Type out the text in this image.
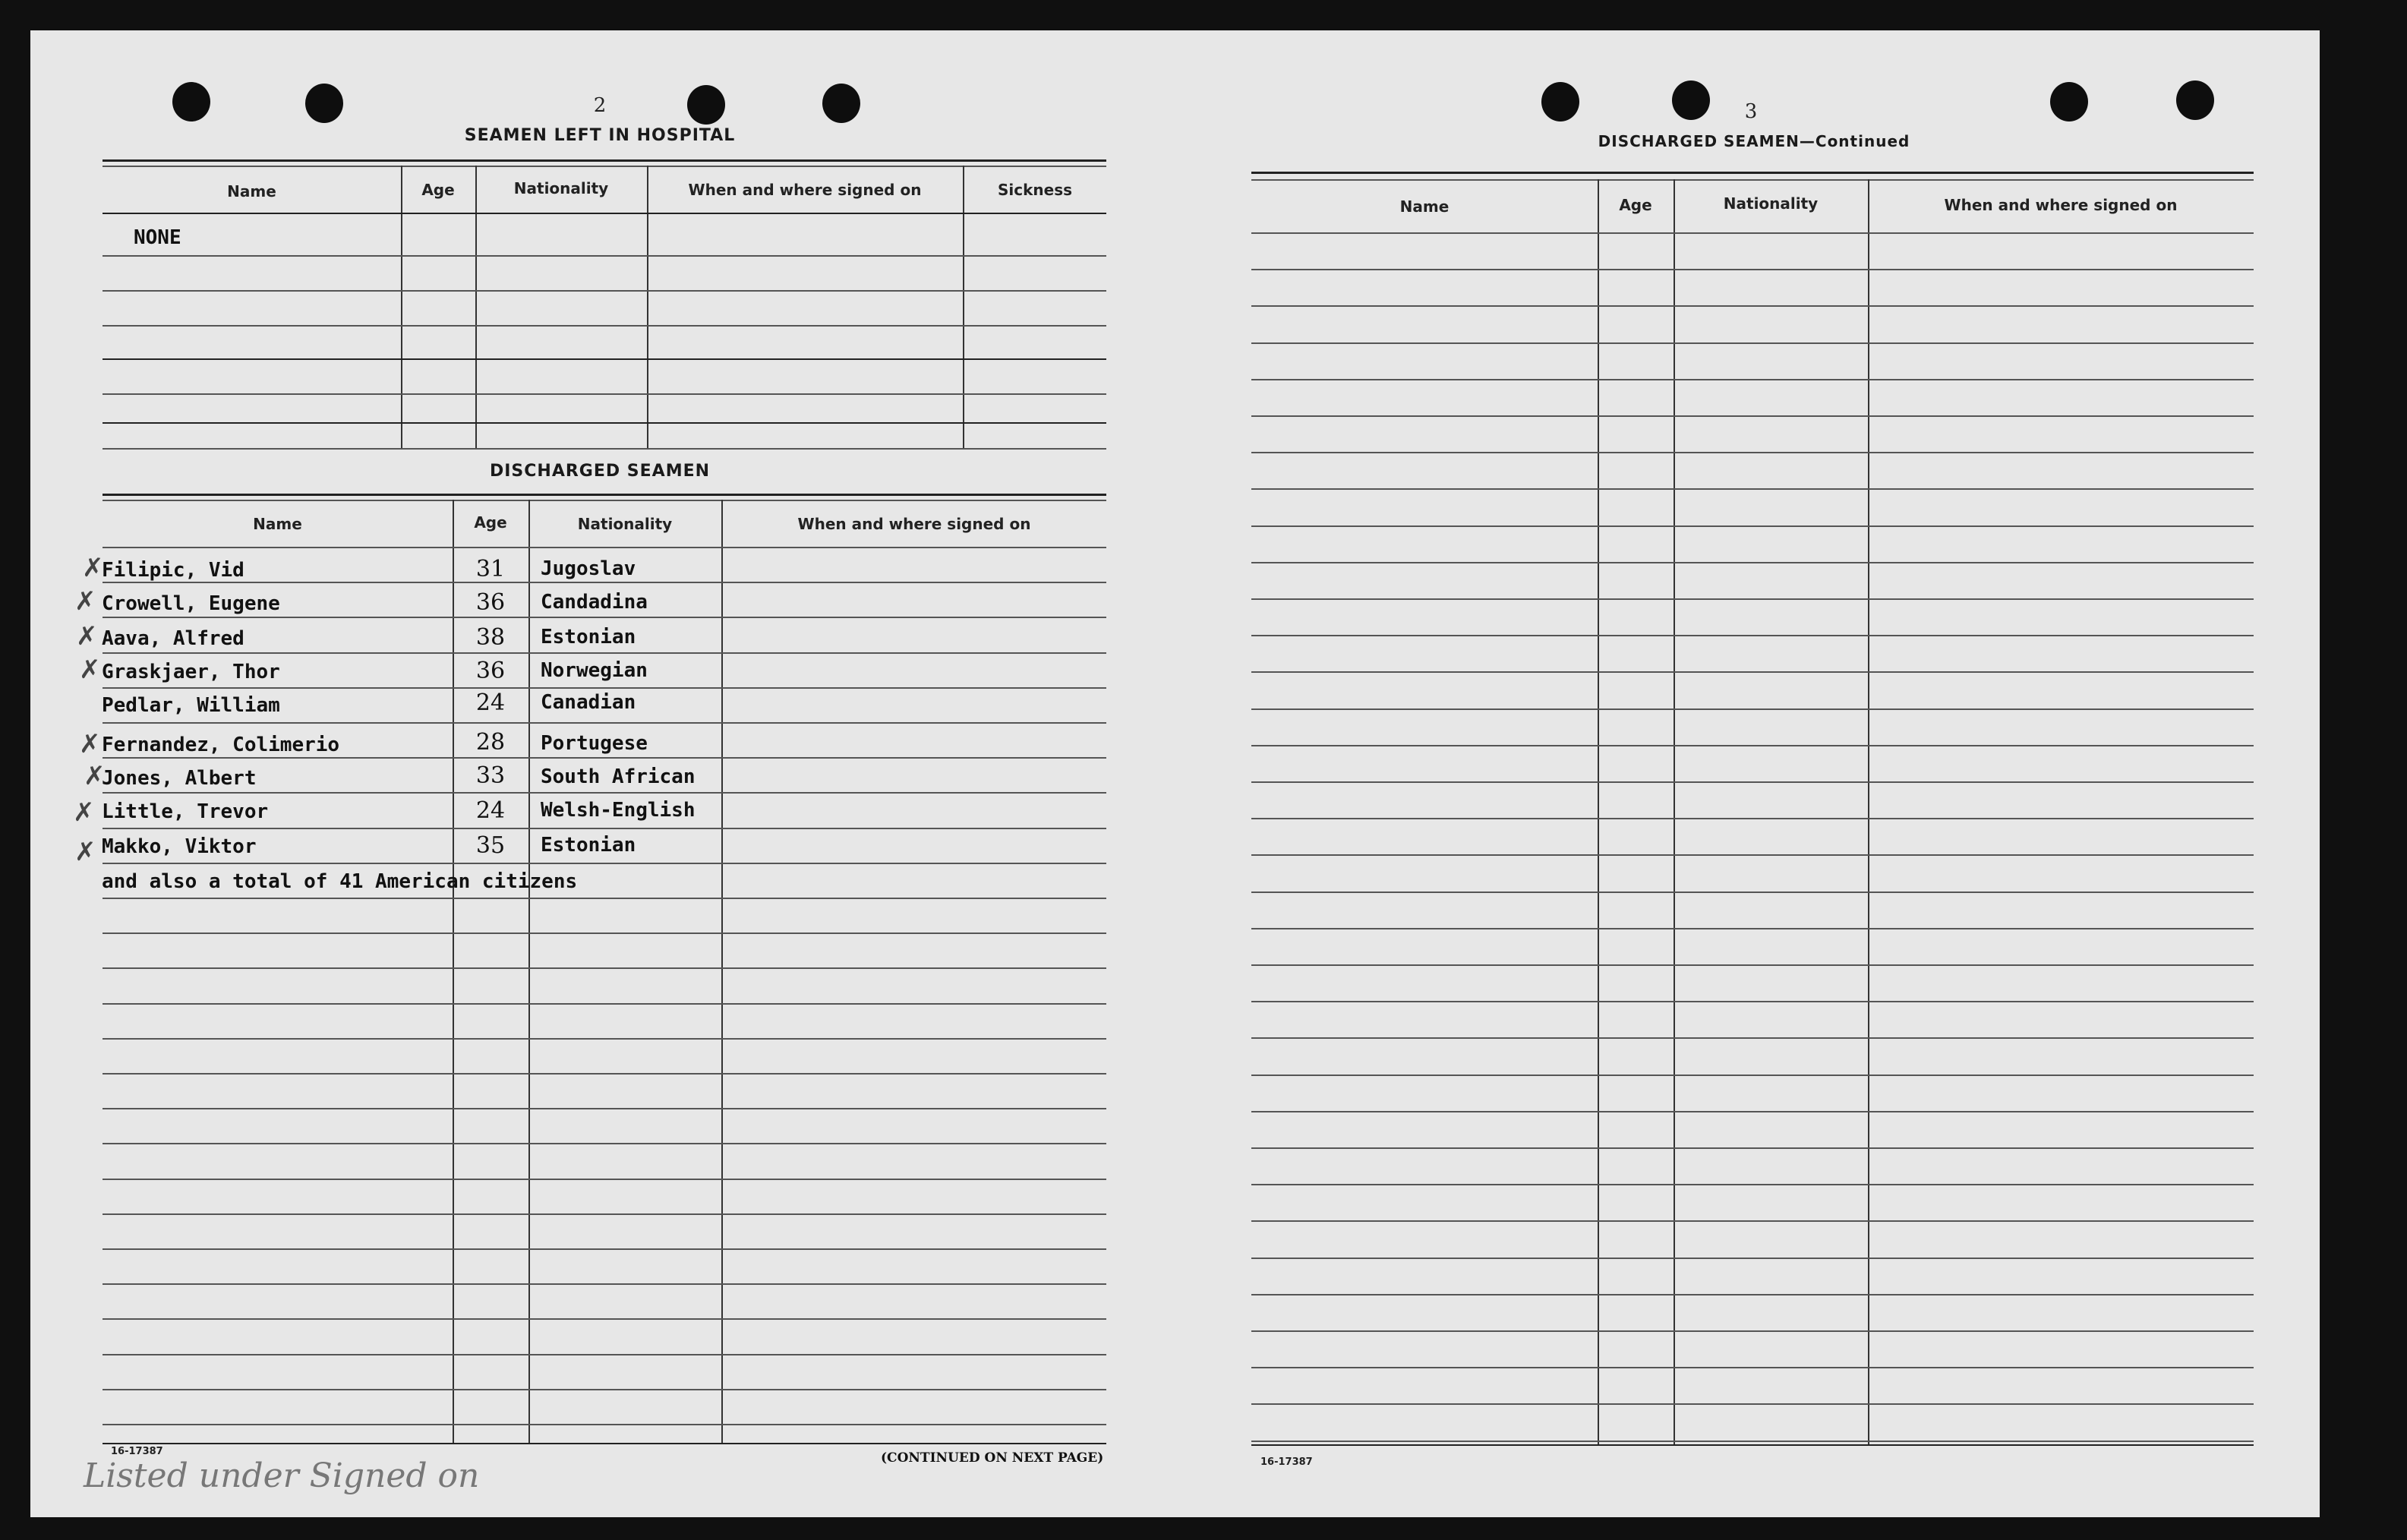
2
SEAMEN LEFT IN HOSPITAL
Name	Age	Nationality	When and where signed on	Sickness
NONE
DISCHARGED SEAMEN
Name	Age	Nationality	When and where signed on
✗
Filipic, Vid	31	Jugoslav
✗ Crowell, Eugene	36	Candadina
✗ Aava, Alfred	38	Estonian
✗ Graskjaer, Thor	36	Norwegian
Pedlar, William	24	Canadian
✗ Fernandez, Colimerio	28	Portugese
✗
Jones, Albert	33	South African
✗ Little, Trevor	24	Welsh-English
✗ Makko, Viktor	35	Estonian
and also a total of 41 American citizens
16-17387	(CONTINUED ON NEXT PAGE)
Listed under Signed on
3
DISCHARGED SEAMEN—Continued
Name	Age	Nationality	When and where signed on
16-17387
